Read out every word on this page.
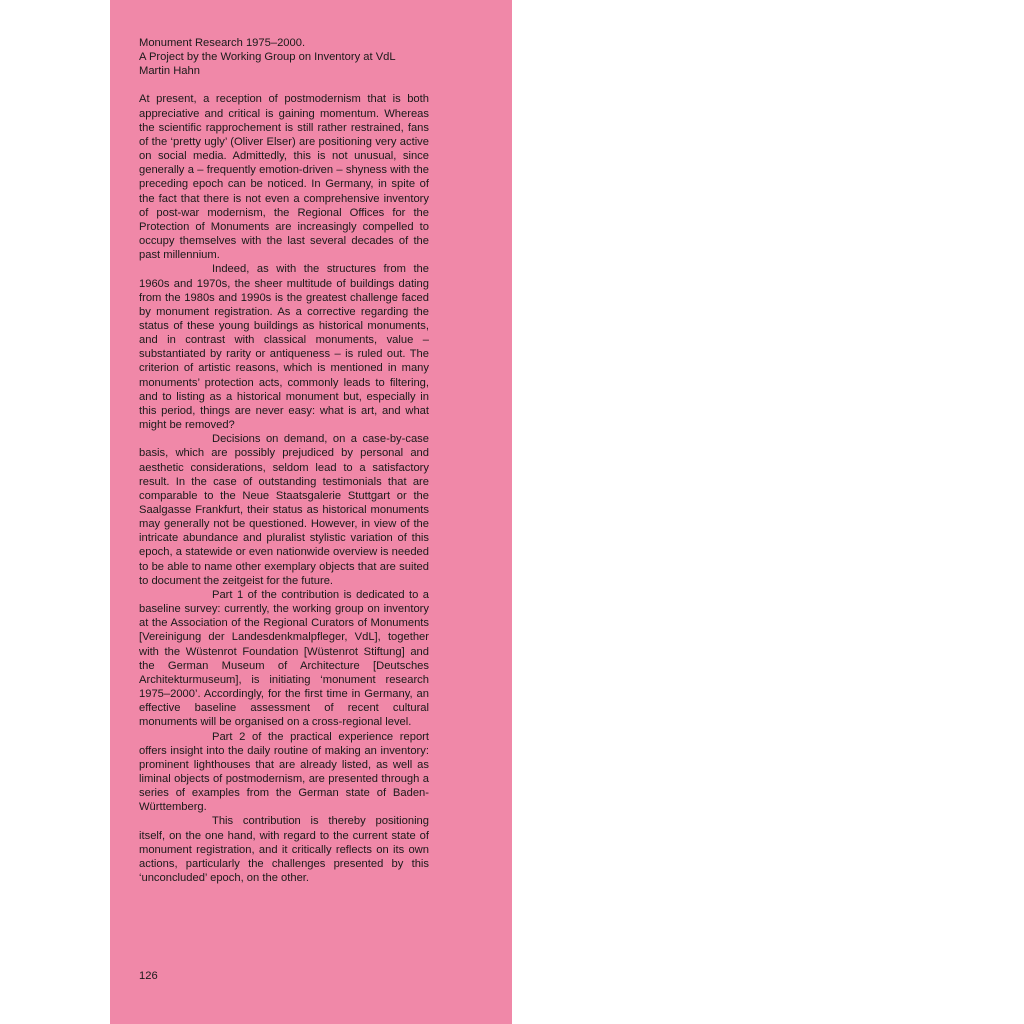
Monument Research 1975–2000.
A Project by the Working Group on Inventory at VdL
Martin Hahn

At present, a reception of postmodernism that is both appreciative and critical is gaining momentum. Whereas the scientific rapprochement is still rather restrained, fans of the ‘pretty ugly’ (Oliver Elser) are positioning very active on social media. Admittedly, this is not unusual, since generally a – frequently emotion-driven – shyness with the preceding epoch can be noticed. In Germany, in spite of the fact that there is not even a comprehensive inventory of post-war modernism, the Regional Offices for the Protection of Monuments are increasingly compelled to occupy themselves with the last several decades of the past millennium.

Indeed, as with the structures from the 1960s and 1970s, the sheer multitude of buildings dating from the 1980s and 1990s is the greatest challenge faced by monument registration. As a corrective regarding the status of these young buildings as historical monuments, and in contrast with classical monuments, value – substantiated by rarity or antiqueness – is ruled out. The criterion of artistic reasons, which is mentioned in many monuments’ protection acts, commonly leads to filtering, and to listing as a historical monument but, especially in this period, things are never easy: what is art, and what might be removed?

Decisions on demand, on a case-by-case basis, which are possibly prejudiced by personal and aesthetic considerations, seldom lead to a satisfactory result. In the case of outstanding testimonials that are comparable to the Neue Staatsgalerie Stuttgart or the Saalgasse Frankfurt, their status as historical monuments may generally not be questioned. However, in view of the intricate abundance and pluralist stylistic variation of this epoch, a statewide or even nationwide overview is needed to be able to name other exemplary objects that are suited to document the zeitgeist for the future.

Part 1 of the contribution is dedicated to a baseline survey: currently, the working group on inventory at the Association of the Regional Curators of Monuments [Vereinigung der Landesdenkmalpfleger, VdL], together with the Wüstenrot Foundation [Wüstenrot Stiftung] and the German Museum of Architecture [Deutsches Architekturmuseum], is initiating ‘monument research 1975–2000’. Accordingly, for the first time in Germany, an effective baseline assessment of recent cultural monuments will be organised on a cross-regional level.

Part 2 of the practical experience report offers insight into the daily routine of making an inventory: prominent lighthouses that are already listed, as well as liminal objects of postmodernism, are presented through a series of examples from the German state of Baden-Württemberg.

This contribution is thereby positioning itself, on the one hand, with regard to the current state of monument registration, and it critically reflects on its own actions, particularly the challenges presented by this ‘unconcluded’ epoch, on the other.

126
